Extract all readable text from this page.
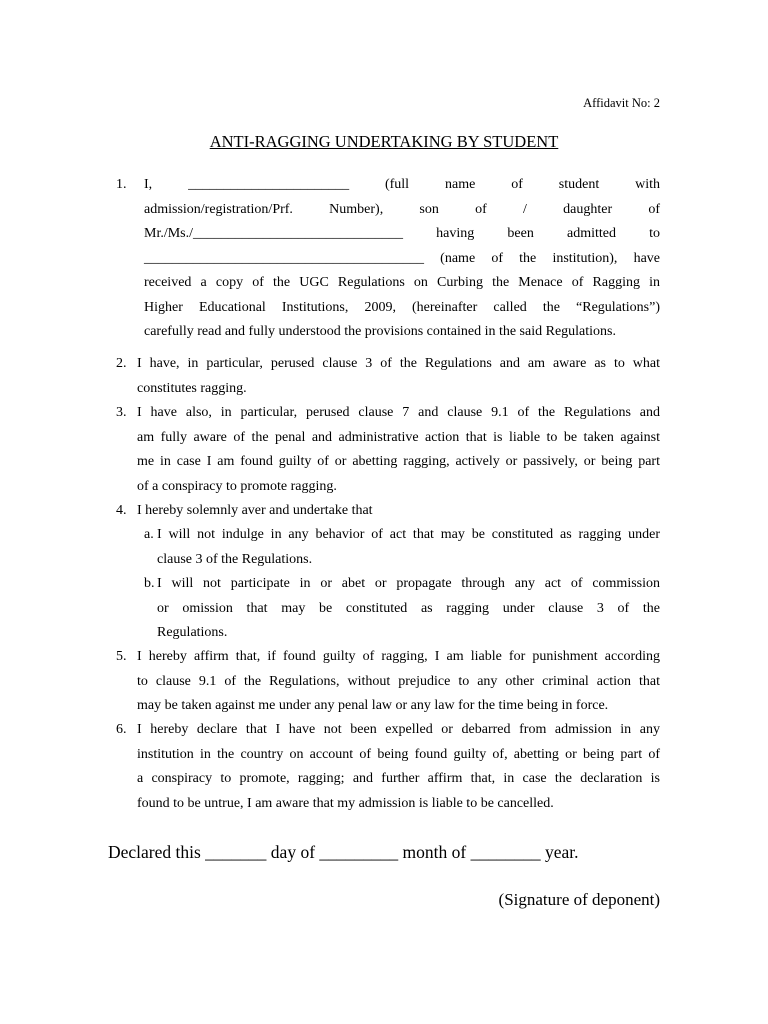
Affidavit No: 2
ANTI-RAGGING UNDERTAKING BY STUDENT
1. I, _______________________ (full name of student with
admission/registration/Prf. Number), son of / daughter of
Mr./Ms./______________________________ having been admitted to
________________________________________ (name of the institution), have
received a copy of the UGC Regulations on Curbing the Menace of Ragging in
Higher Educational Institutions, 2009, (hereinafter called the “Regulations”)
carefully read and fully understood the provisions contained in the said Regulations.
2. I have, in particular, perused clause 3 of the Regulations and am aware as to what
constitutes ragging.
3. I have also, in particular, perused clause 7 and clause 9.1 of the Regulations and
am fully aware of the penal and administrative action that is liable to be taken against
me in case I am found guilty of or abetting ragging, actively or passively, or being part
of a conspiracy to promote ragging.
4. I hereby solemnly aver and undertake that
a. I will not indulge in any behavior of act that may be constituted as ragging under
clause 3 of the Regulations.
b. I will not participate in or abet or propagate through any act of commission
or omission that may be constituted as ragging under clause 3 of the
Regulations.
5. I hereby affirm that, if found guilty of ragging, I am liable for punishment according
to clause 9.1 of the Regulations, without prejudice to any other criminal action that
may be taken against me under any penal law or any law for the time being in force.
6. I hereby declare that I have not been expelled or debarred from admission in any
institution in the country on account of being found guilty of, abetting or being part of
a conspiracy to promote, ragging; and further affirm that, in case the declaration is
found to be untrue, I am aware that my admission is liable to be cancelled.
Declared this _______ day of _________ month of ________ year.
(Signature of deponent)
